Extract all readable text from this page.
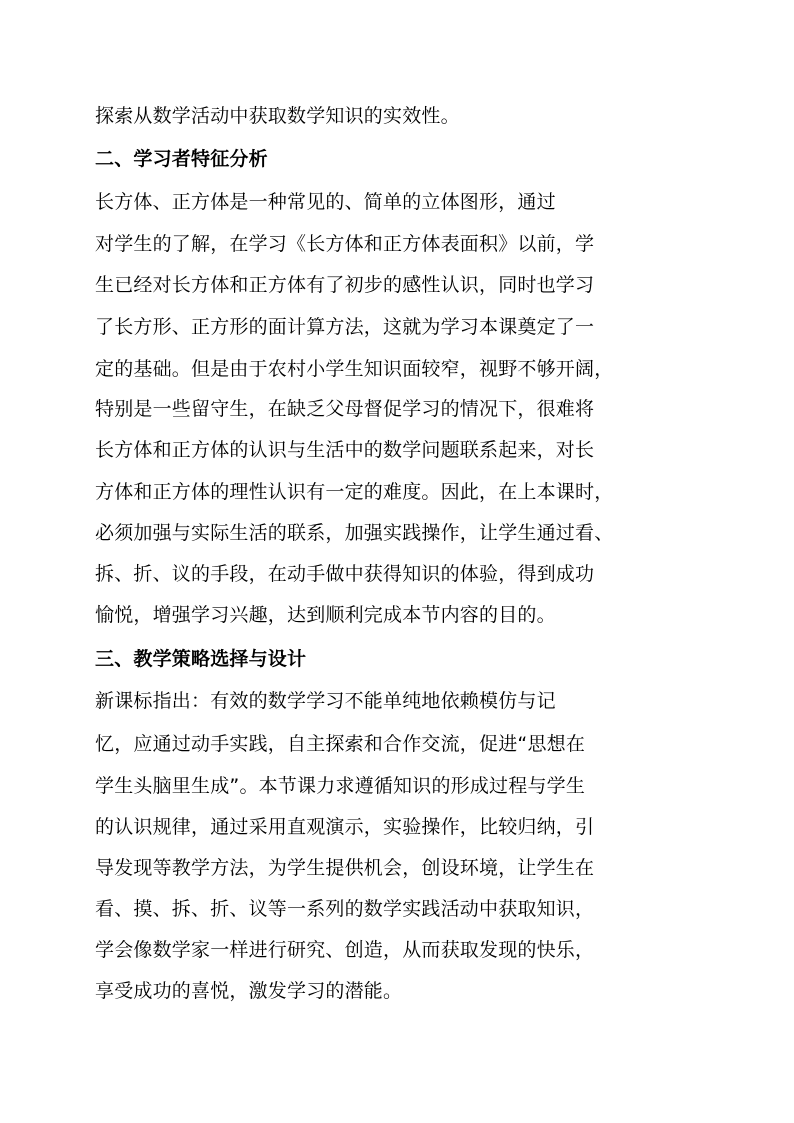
探索从数学活动中获取数学知识的实效性。
二、学习者特征分析
长方体、正方体是一种常见的、简单的立体图形，通过
对学生的了解，在学习《长方体和正方体表面积》以前，学
生已经对长方体和正方体有了初步的感性认识，同时也学习
了长方形、正方形的面计算方法，这就为学习本课奠定了一
定的基础。但是由于农村小学生知识面较窄，视野不够开阔，
特别是一些留守生，在缺乏父母督促学习的情况下，很难将
长方体和正方体的认识与生活中的数学问题联系起来，对长
方体和正方体的理性认识有一定的难度。因此，在上本课时，
必须加强与实际生活的联系，加强实践操作，让学生通过看、
拆、折、议的手段，在动手做中获得知识的体验，得到成功
愉悦，增强学习兴趣，达到顺利完成本节内容的目的。
三、教学策略选择与设计
新课标指出：有效的数学学习不能单纯地依赖模仿与记
忆，应通过动手实践，自主探索和合作交流，促进“思想在
学生头脑里生成”。本节课力求遵循知识的形成过程与学生
的认识规律，通过采用直观演示，实验操作，比较归纳，引
导发现等教学方法，为学生提供机会，创设环境，让学生在
看、摸、拆、折、议等一系列的数学实践活动中获取知识，
学会像数学家一样进行研究、创造，从而获取发现的快乐，
享受成功的喜悦，激发学习的潜能。
